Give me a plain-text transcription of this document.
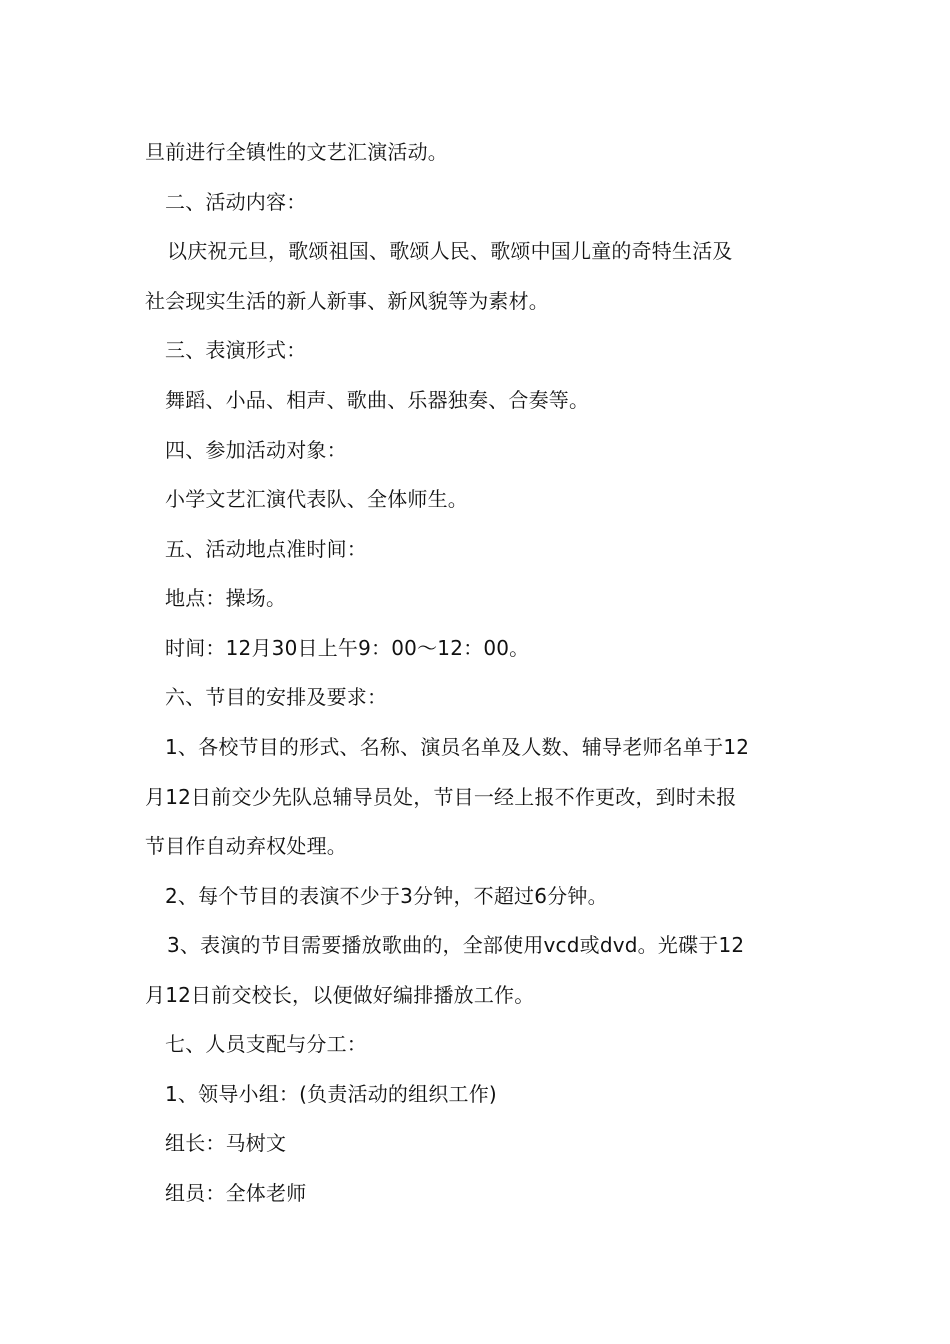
旦前进行全镇性的文艺汇演活动。
二、活动内容：
以庆祝元旦，歌颂祖国、歌颂人民、歌颂中国儿童的奇特生活及
社会现实生活的新人新事、新风貌等为素材。
三、表演形式：
舞蹈、小品、相声、歌曲、乐器独奏、合奏等。
四、参加活动对象：
小学文艺汇演代表队、全体师生。
五、活动地点准时间：
地点：操场。
时间：12月30日上午9：00～12：00。
六、节目的安排及要求：
1、各校节目的形式、名称、演员名单及人数、辅导老师名单于12
月12日前交少先队总辅导员处，节目一经上报不作更改，到时未报
节目作自动弃权处理。
2、每个节目的表演不少于3分钟，不超过6分钟。
3、表演的节目需要播放歌曲的，全部使用vcd或dvd。光碟于12
月12日前交校长，以便做好编排播放工作。
七、人员支配与分工：
1、领导小组：(负责活动的组织工作)
组长：马树文
组员：全体老师
